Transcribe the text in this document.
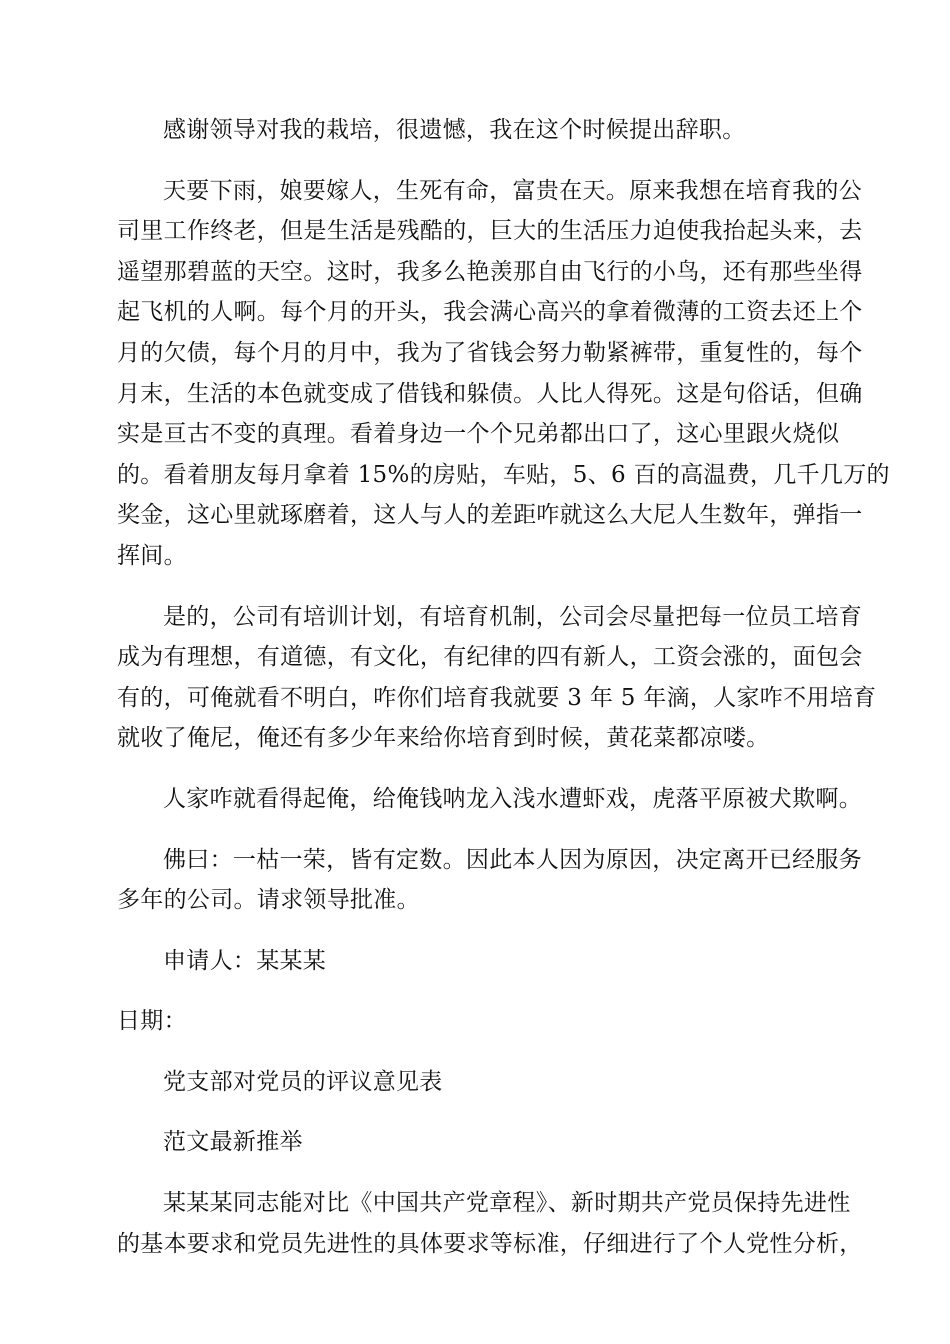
感谢领导对我的栽培，很遗憾，我在这个时候提出辞职。
天要下雨，娘要嫁人，生死有命，富贵在天。原来我想在培育我的公
司里工作终老，但是生活是残酷的，巨大的生活压力迫使我抬起头来，去
遥望那碧蓝的天空。这时，我多么艳羡那自由飞行的小鸟，还有那些坐得
起飞机的人啊。每个月的开头，我会满心高兴的拿着微薄的工资去还上个
月的欠债，每个月的月中，我为了省钱会努力勒紧裤带，重复性的，每个
月末，生活的本色就变成了借钱和躲债。人比人得死。这是句俗话，但确
实是亘古不变的真理。看着身边一个个兄弟都出口了，这心里跟火烧似
的。看着朋友每月拿着 15%的房贴，车贴，5、6 百的高温费，几千几万的
奖金，这心里就琢磨着，这人与人的差距咋就这么大尼人生数年，弹指一
挥间。
是的，公司有培训计划，有培育机制，公司会尽量把每一位员工培育
成为有理想，有道德，有文化，有纪律的四有新人，工资会涨的，面包会
有的，可俺就看不明白，咋你们培育我就要 3 年 5 年滴，人家咋不用培育
就收了俺尼，俺还有多少年来给你培育到时候，黄花菜都凉喽。
人家咋就看得起俺，给俺钱呐龙入浅水遭虾戏，虎落平原被犬欺啊。
佛曰：一枯一荣，皆有定数。因此本人因为原因，决定离开已经服务
多年的公司。请求领导批准。
申请人：某某某
日期：
党支部对党员的评议意见表
范文最新推举
某某某同志能对比《中国共产党章程》、新时期共产党员保持先进性
的基本要求和党员先进性的具体要求等标准，仔细进行了个人党性分析，
